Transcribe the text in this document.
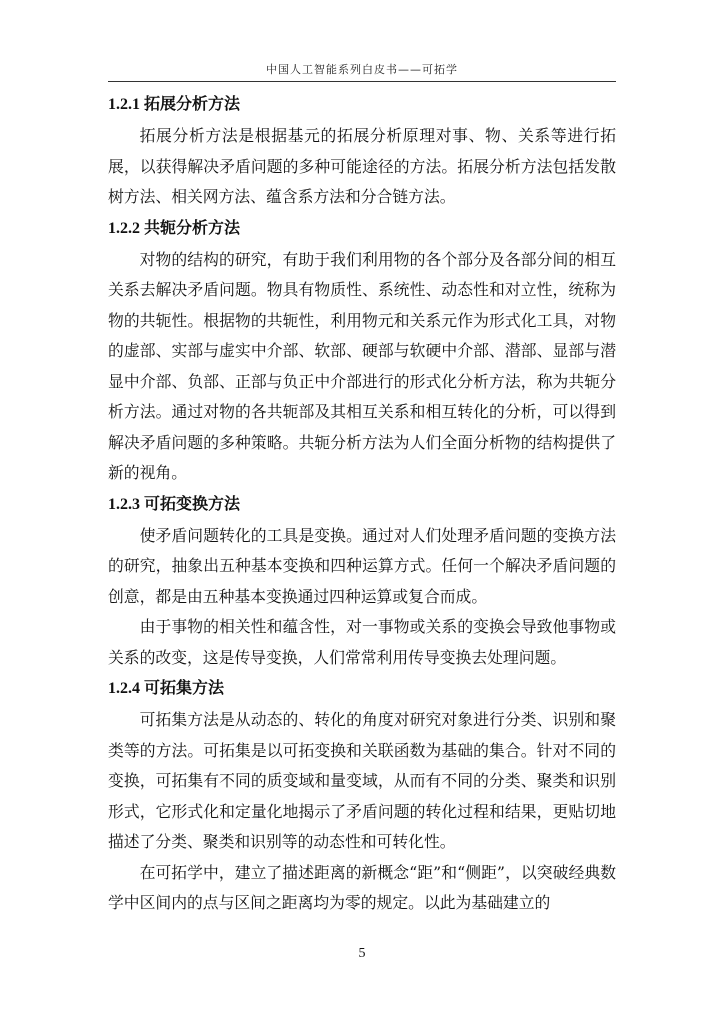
中国人工智能系列白皮书——可拓学
1.2.1 拓展分析方法

拓展分析方法是根据基元的拓展分析原理对事、物、关系等进行拓展，以获得解决矛盾问题的多种可能途径的方法。拓展分析方法包括发散树方法、相关网方法、蕴含系方法和分合链方法。

1.2.2 共轭分析方法

对物的结构的研究，有助于我们利用物的各个部分及各部分间的相互关系去解决矛盾问题。物具有物质性、系统性、动态性和对立性，统称为物的共轭性。根据物的共轭性，利用物元和关系元作为形式化工具，对物的虚部、实部与虚实中介部、软部、硬部与软硬中介部、潜部、显部与潜显中介部、负部、正部与负正中介部进行的形式化分析方法，称为共轭分析方法。通过对物的各共轭部及其相互关系和相互转化的分析，可以得到解决矛盾问题的多种策略。共轭分析方法为人们全面分析物的结构提供了新的视角。

1.2.3 可拓变换方法

使矛盾问题转化的工具是变换。通过对人们处理矛盾问题的变换方法的研究，抽象出五种基本变换和四种运算方式。任何一个解决矛盾问题的创意，都是由五种基本变换通过四种运算或复合而成。

由于事物的相关性和蕴含性，对一事物或关系的变换会导致他事物或关系的改变，这是传导变换，人们常常利用传导变换去处理问题。

1.2.4 可拓集方法

可拓集方法是从动态的、转化的角度对研究对象进行分类、识别和聚类等的方法。可拓集是以可拓变换和关联函数为基础的集合。针对不同的变换，可拓集有不同的质变域和量变域，从而有不同的分类、聚类和识别形式，它形式化和定量化地揭示了矛盾问题的转化过程和结果，更贴切地描述了分类、聚类和识别等的动态性和可转化性。

在可拓学中，建立了描述距离的新概念“距”和“侧距”，以突破经典数学中区间内的点与区间之距离均为零的规定。以此为基础建立的

5
